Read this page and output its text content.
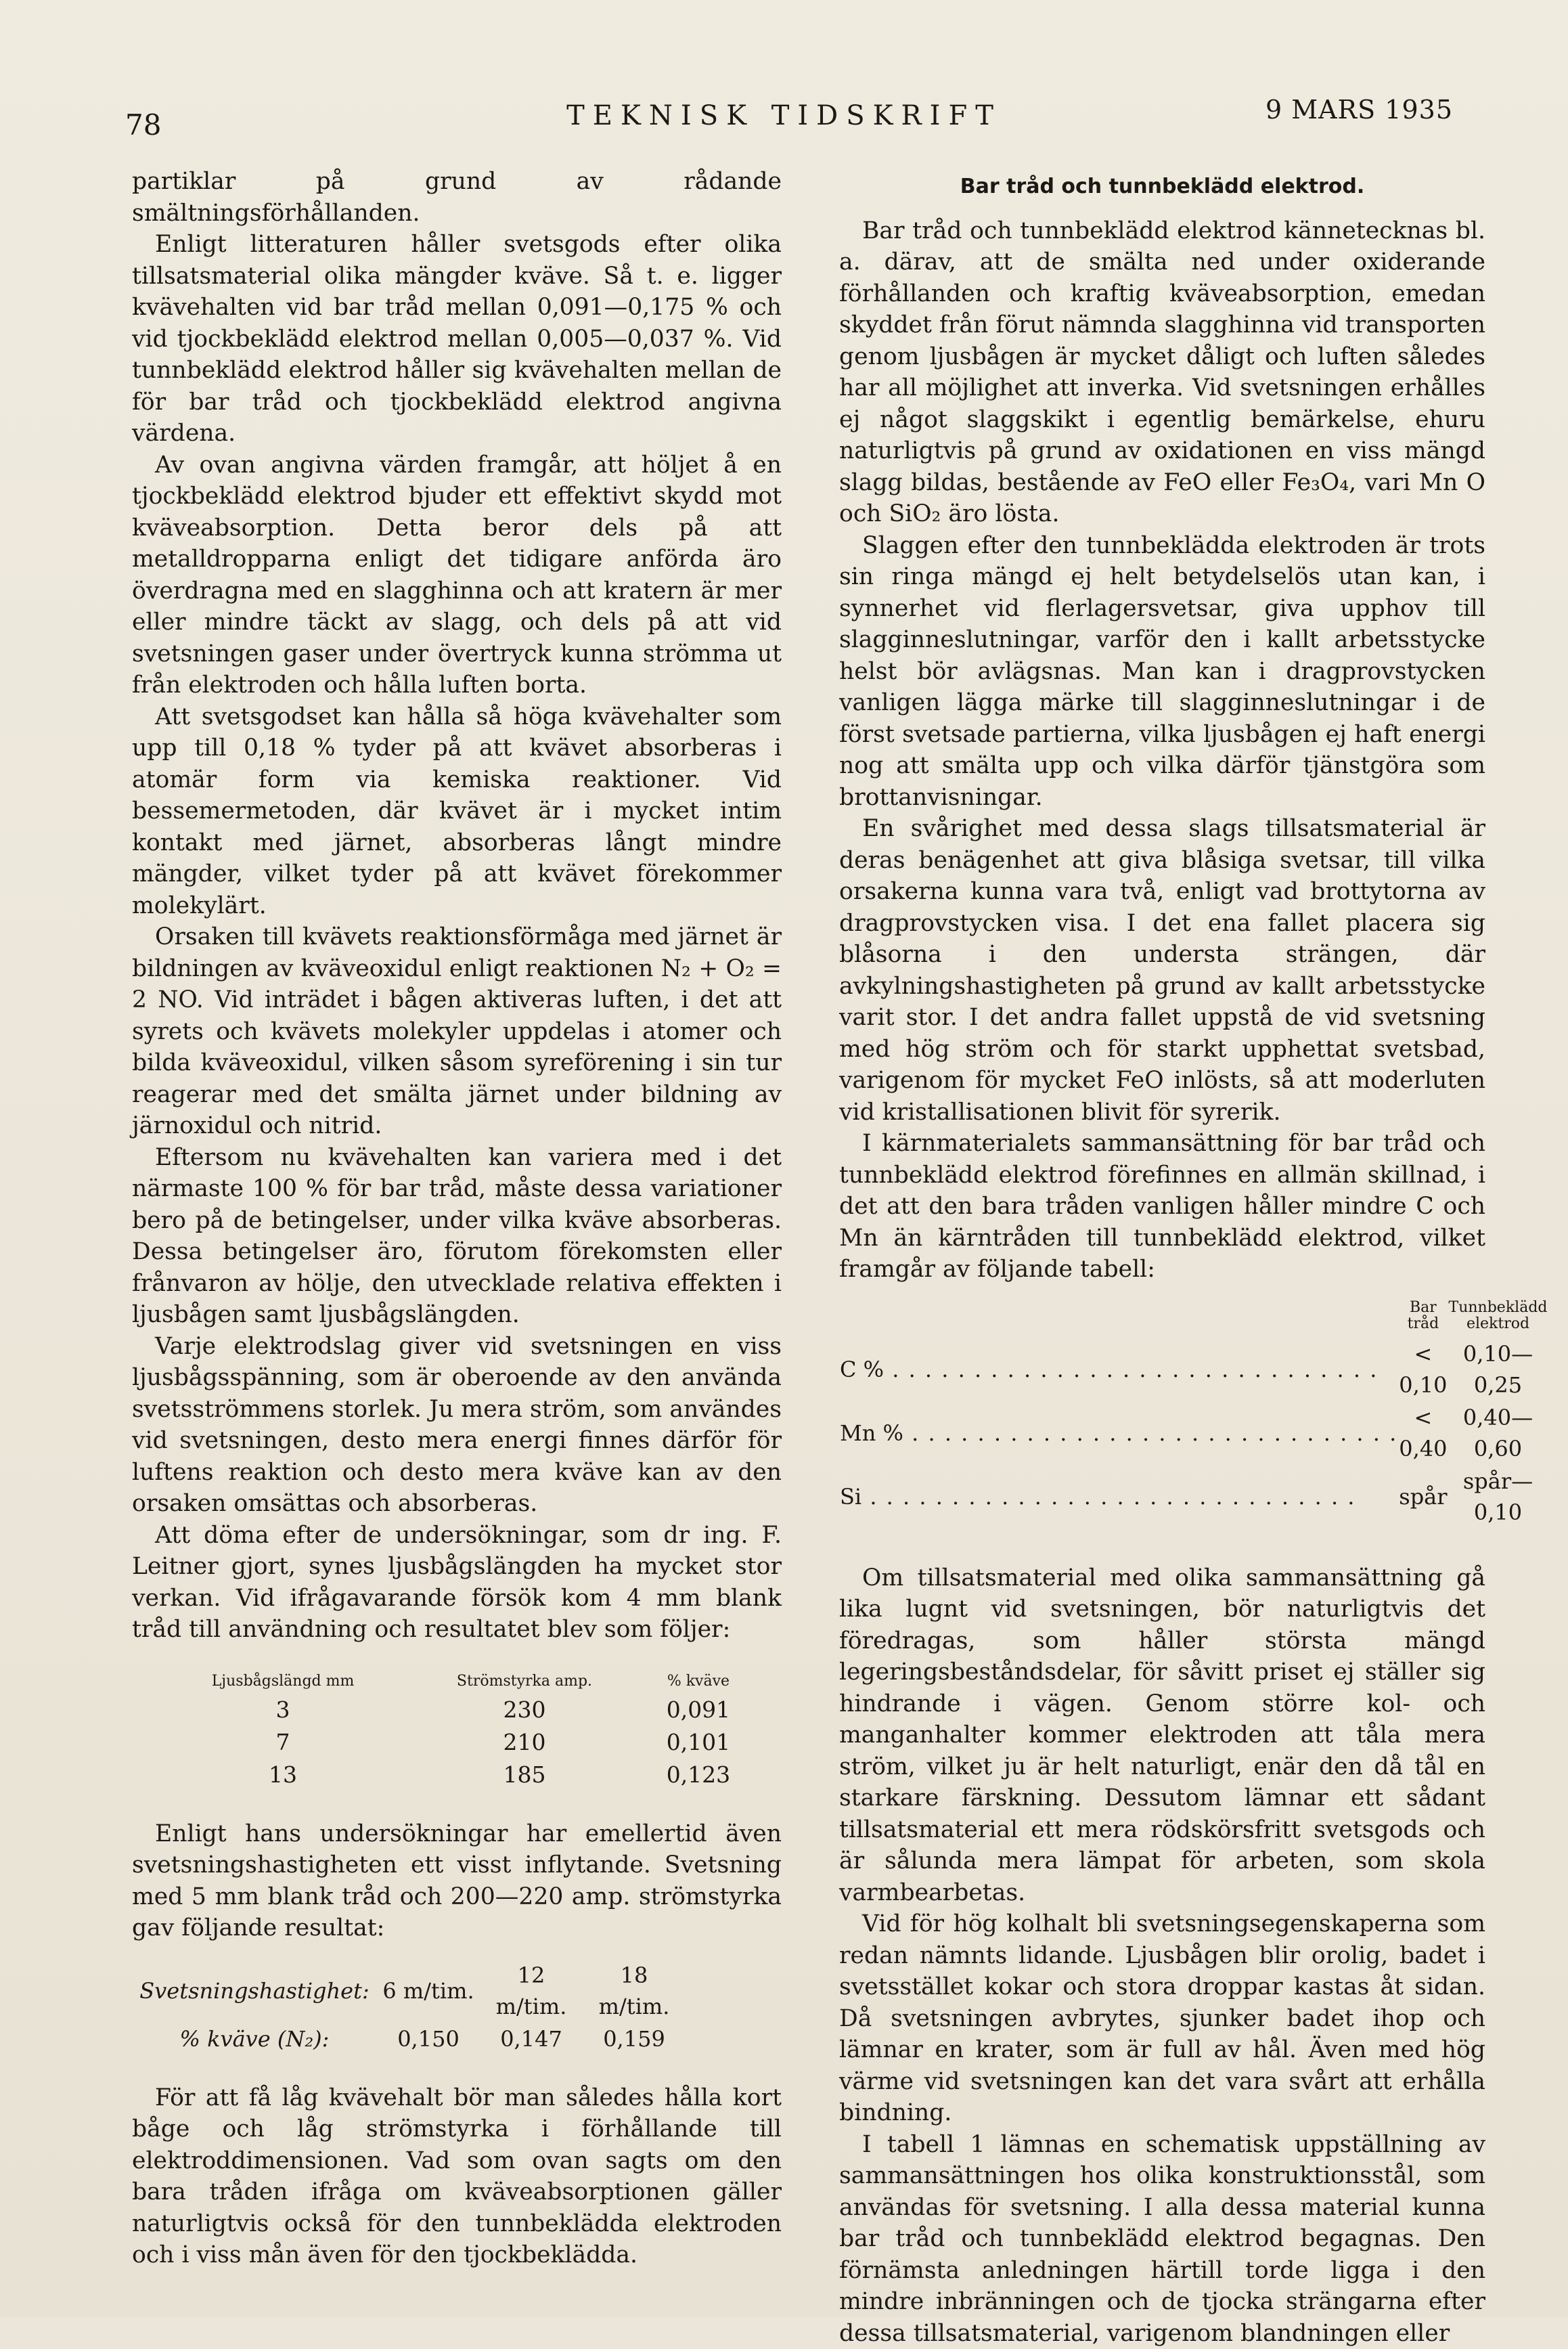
78	TEKNISK TIDSKRIFT	9 MARS 1935

partiklar på grund av rådande smältningsförhållanden.

Enligt litteraturen håller svetsgods efter olika tillsatsmaterial olika mängder kväve. Så t. e. ligger kvävehalten vid bar tråd mellan 0,091—0,175 % och vid tjockbeklädd elektrod mellan 0,005—0,037 %. Vid tunnbeklädd elektrod håller sig kvävehalten mellan de för bar tråd och tjockbeklädd elektrod angivna värdena.

Av ovan angivna värden framgår, att höljet å en tjockbeklädd elektrod bjuder ett effektivt skydd mot kväveabsorption. Detta beror dels på att metalldropparna enligt det tidigare anförda äro överdragna med en slagghinna och att kratern är mer eller mindre täckt av slagg, och dels på att vid svetsningen gaser under övertryck kunna strömma ut från elektroden och hålla luften borta.

Att svetsgodset kan hålla så höga kvävehalter som upp till 0,18 % tyder på att kvävet absorberas i atomär form via kemiska reaktioner. Vid bessemermetoden, där kvävet är i mycket intim kontakt med järnet, absorberas långt mindre mängder, vilket tyder på att kvävet förekommer molekylärt.

Orsaken till kvävets reaktionsförmåga med järnet är bildningen av kväveoxidul enligt reaktionen N₂ + O₂ = 2 NO. Vid inträdet i bågen aktiveras luften, i det att syrets och kvävets molekyler uppdelas i atomer och bilda kväveoxidul, vilken såsom syreförening i sin tur reagerar med det smälta järnet under bildning av järnoxidul och nitrid.

Eftersom nu kvävehalten kan variera med i det närmaste 100 % för bar tråd, måste dessa variationer bero på de betingelser, under vilka kväve absorberas. Dessa betingelser äro, förutom förekomsten eller frånvaron av hölje, den utvecklade relativa effekten i ljusbågen samt ljusbågslängden.

Varje elektrodslag giver vid svetsningen en viss ljusbågsspänning, som är oberoende av den använda svetsströmmens storlek. Ju mera ström, som användes vid svetsningen, desto mera energi finnes därför för luftens reaktion och desto mera kväve kan av den orsaken omsättas och absorberas.

Att döma efter de undersökningar, som dr ing. F. Leitner gjort, synes ljusbågslängden ha mycket stor verkan. Vid ifrågavarande försök kom 4 mm blank tråd till användning och resultatet blev som följer:

Ljusbågslängd mm	Strömstyrka amp.	% kväve
3	230	0,091
7	210	0,101
13	185	0,123

Enligt hans undersökningar har emellertid även svetsningshastigheten ett visst inflytande. Svetsning med 5 mm blank tråd och 200—220 amp. strömstyrka gav följande resultat:

Svetsningshastighet:	6 m/tim.	12 m/tim.	18 m/tim.
% kväve (N₂):	0,150	0,147	0,159

För att få låg kvävehalt bör man således hålla kort båge och låg strömstyrka i förhållande till elektroddimensionen. Vad som ovan sagts om den bara tråden ifråga om kväveabsorptionen gäller naturligtvis också för den tunnbeklädda elektroden och i viss mån även för den tjockbeklädda.

Bar tråd och tunnbeklädd elektrod.

Bar tråd och tunnbeklädd elektrod kännetecknas bl. a. därav, att de smälta ned under oxiderande förhållanden och kraftig kväveabsorption, emedan skyddet från förut nämnda slagghinna vid transporten genom ljusbågen är mycket dåligt och luften således har all möjlighet att inverka. Vid svetsningen erhålles ej något slaggskikt i egentlig bemärkelse, ehuru naturligtvis på grund av oxidationen en viss mängd slagg bildas, bestående av FeO eller Fe₃O₄, vari Mn O och SiO₂ äro lösta.

Slaggen efter den tunnbeklädda elektroden är trots sin ringa mängd ej helt betydelselös utan kan, i synnerhet vid flerlagersvetsar, giva upphov till slagginneslutningar, varför den i kallt arbetsstycke helst bör avlägsnas. Man kan i dragprovstycken vanligen lägga märke till slagginneslutningar i de först svetsade partierna, vilka ljusbågen ej haft energi nog att smälta upp och vilka därför tjänstgöra som brottanvisningar.

En svårighet med dessa slags tillsatsmaterial är deras benägenhet att giva blåsiga svetsar, till vilka orsakerna kunna vara två, enligt vad brottytorna av dragprovstycken visa. I det ena fallet placera sig blåsorna i den understa strängen, där avkylningshastigheten på grund av kallt arbetsstycke varit stor. I det andra fallet uppstå de vid svetsning med hög ström och för starkt upphettat svetsbad, varigenom för mycket FeO inlösts, så att moderluten vid kristallisationen blivit för syrerik.

I kärnmaterialets sammansättning för bar tråd och tunnbeklädd elektrod förefinnes en allmän skillnad, i det att den bara tråden vanligen håller mindre C och Mn än kärntråden till tunnbeklädd elektrod, vilket framgår av följande tabell:

	Bar tråd	Tunnbeklädd elektrod
C % . . .	< 0,10	0,10—0,25
Mn % . . .	< 0,40	0,40—0,60
Si . . .	spår	spår—0,10

Om tillsatsmaterial med olika sammansättning gå lika lugnt vid svetsningen, bör naturligtvis det föredragas, som håller största mängd legeringsbeståndsdelar, för såvitt priset ej ställer sig hindrande i vägen. Genom större kol- och manganhalter kommer elektroden att tåla mera ström, vilket ju är helt naturligt, enär den då tål en starkare färskning. Dessutom lämnar ett sådant tillsatsmaterial ett mera rödskörsfritt svetsgods och är sålunda mera lämpat för arbeten, som skola varmbearbetas.

Vid för hög kolhalt bli svetsningsegenskaperna som redan nämnts lidande. Ljusbågen blir orolig, badet i svetsstället kokar och stora droppar kastas åt sidan. Då svetsningen avbrytes, sjunker badet ihop och lämnar en krater, som är full av hål. Även med hög värme vid svetsningen kan det vara svårt att erhålla bindning.

I tabell 1 lämnas en schematisk uppställning av sammansättningen hos olika konstruktionsstål, som användas för svetsning. I alla dessa material kunna bar tråd och tunnbeklädd elektrod begagnas. Den förnämsta anledningen härtill torde ligga i den mindre inbränningen och de tjocka strängarna efter dessa tillsatsmaterial, varigenom blandningen eller
